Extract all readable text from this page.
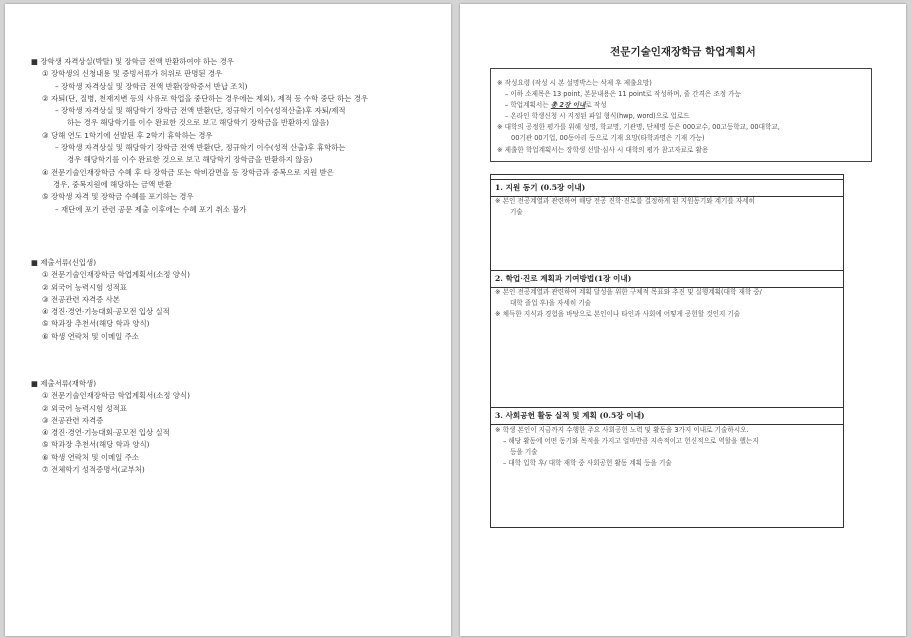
■ 장학생 자격상실(박탈) 및 장학금 전액 반환하여야 하는 경우
① 장학생의 신청내용 및 증빙서류가 허위로 판명된 경우
– 장학생 자격상실 및 장학금 전액 반환(장학증서 반납 조치)
② 자퇴(단, 질병, 천재지변 등의 사유로 학업을 중단하는 경우에는 제외), 제적 등 수학 중단 하는 경우
– 장학생 자격상실 및 해당학기 장학금 전액 반환(단, 정규학기 이수(성적산출)후 자퇴/제적
하는 경우 해당학기를 이수 완료한 것으로 보고 해당학기 장학금을 반환하지 않음)
③ 당해 연도 1학기에 선발된 후 2학기 휴학하는 경우
– 장학생 자격상실 및 해당학기 장학금 전액 반환(단, 정규학기 이수(성적 산출)후 휴학하는
경우 해당학기를 이수 완료한 것으로 보고 해당학기 장학금을 반환하지 않음)
④ 전문기술인재장학금 수혜 후 타 장학금 또는 학비감면을 등 장학금과 중복으로 지원 받은
경우, 중복지원에 해당하는 금액 반환
⑤ 장학생 자격 및 장학금 수혜를 포기하는 경우
– 재단에 포기 관련 공문 제출 이후에는 수혜 포기 취소 불가
■ 제출서류(신입생)
① 전문기술인재장학금 학업계획서(소정 양식)
② 외국어 능력시험 성적표
③ 전공관련 자격증 사본
④ 경진·경연·기능대회·공모전 입상 실적
⑤ 학과장 추천서(해당 학과 양식)
⑥ 학생 연락처 및 이메일 주소
■ 제출서류(재학생)
① 전문기술인재장학금 학업계획서(소정 양식)
② 외국어 능력시험 성적표
③ 전공관련 자격증
④ 경진·경연·기능대회·공모전 입상 실적
⑤ 학과장 추천서(해당 학과 양식)
⑥ 학생 연락처 및 이메일 주소
⑦ 전체학기 성적증명서(교부처)
전문기술인재장학금 학업계획서
※ 작성요령 (작성 시 본 설명박스는 삭제 후 제출요망)
– 이하 소제목은 13 point, 본문내용은 11 point로 작성하며, 줄 간격은 조정 가능
– 학업계획서는 총 2장 이내로 작성
– 온라인 학생신청 시 지정된 파일 형식(hwp, word)으로 업로드
※ 대학의 공정한 평가를 위해 성명, 학교명, 기관명, 단체명 등은 000교수, 00고등학교, 00대학교,
00기관 00기업, 00동아리 등으로 기재 요망(타학과명은 기재 가능)
※ 제출한 학업계획서는 장학생 선발·심사 시 대학의 평가 참고자료로 활용
1. 지원 동기 (0.5장 이내)
※ 본인 전공계열과 관련하여 해당 전공 진학·진로를 결정하게 된 지원동기와 계기를 자세히
기술
2. 학업·진로 계획과 기여방법(1장 이내)
※ 본인 전공계열과 관련하여 계획 달성을 위한 구체적 목표와 추진 및 실행계획(대학 재학 중/
대학 졸업 후)을 자세히 기술
※ 체득한 지식과 경험을 바탕으로 본인이나 타인과 사회에 어떻게 공헌할 것인지 기술
3. 사회공헌 활동 실적 및 계획 (0.5장 이내)
※ 학생 본인이 지금까지 수행한 주요 사회공헌 노력 및 활동을 3가지 이내로 기술하시오.
– 해당 활동에 어떤 동기와 목적을 가지고 얼마만큼 지속적이고 헌신적으로 역할을 했는지
등을 기술
– 대학 입학 후/ 대학 재학 중 사회공헌 활동 계획 등을 기술
